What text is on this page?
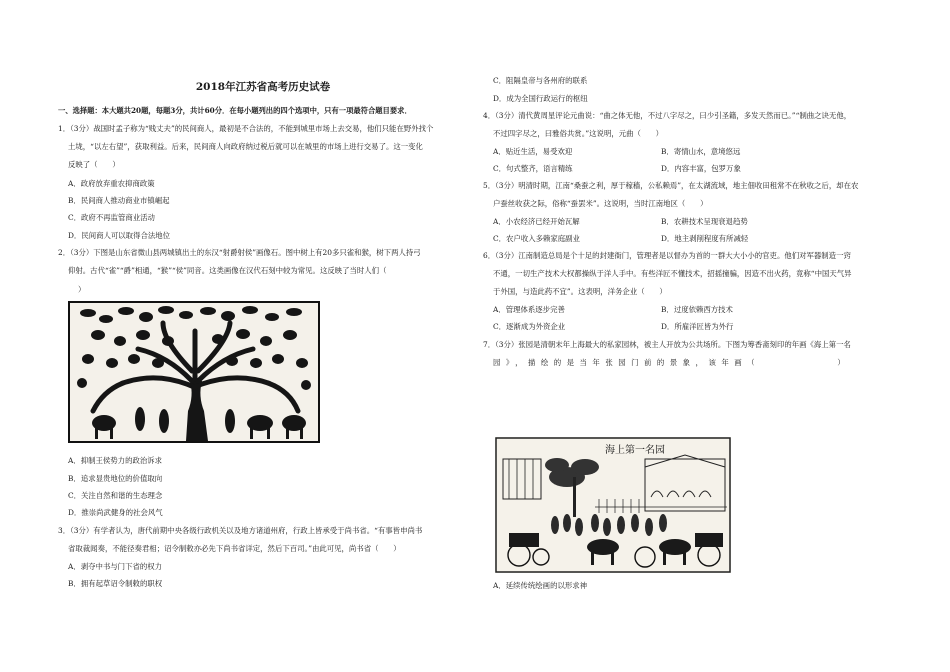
2018年江苏省高考历史试卷
一、选择题：本大题共20题，每题3分，共计60分．在每小题列出的四个选项中，只有一项最符合题目要求．
1．（3分）战国时孟子称为“贱丈夫”的民间商人，最初是不合法的，不能到城里市场上去交易，他们只能在野外找个
土垅，“以左右望”，获取利益。后来，民间商人向政府纳过税后就可以在城里的市场上进行交易了。这一变化
反映了（　　）
A．政府放弃重农抑商政策
B．民间商人推动商业市镇崛起
C．政府不再监管商业活动
D．民间商人可以取得合法地位
2．（3分）下图是山东省微山县两城镇出土的东汉“射爵射侯”画像石。图中树上有20多只雀和猴，树下两人持弓
仰射。古代“雀”“爵”相通，“猴”“侯”同音。这类画像在汉代石刻中较为常见。这反映了当时人们（
）
A．抑制王侯势力的政治诉求
B．追求显贵地位的价值取向
C．关注自然和谐的生态理念
D．推崇尚武健身的社会风气
3．（3分）有学者认为，唐代前期中央各级行政机关以及地方诸道州府，行政上皆承受于尚书省。“有事皆申尚书
省取裁闻奏，不能径奏君相；诏令制敕亦必先下尚书省详定，然后下百司。”由此可见，尚书省（　　）
A．剥夺中书与门下省的权力
B．拥有起草诏令制敕的职权
C．阻隔皇帝与各州府的联系
D．成为全国行政运行的枢纽
4．（3分）清代黄周星评论元曲说：“曲之体无他，不过八字尽之，曰少引圣籍，多发天然而已。”“制曲之诀无他，
不过四字尽之，曰雅俗共赏。”这说明，元曲（　　）
A．贴近生活，易受欢迎	B．寄情山水，意境悠远
C．句式整齐，语言精练	D．内容丰富，包罗万象
5．（3分）明清时期，江南“桑蚕之利，厚于稼穑，公私赖焉”，在太湖流域，地主佃收田租常不在秋收之后，却在农
户蚕丝收获之际，俗称“蚕罢米”。这说明，当时江南地区（　　）
A．小农经济已经开始瓦解	B．农耕技术呈现衰退趋势
C．农户收入多赖家庭副业	D．地主剥削程度有所减轻
6．（3分）江南制造总局是个十足的封建衙门，管理者是以督办为首的一群大大小小的官吏。他们对军器制造一窍
不通，一切生产技术大权都操纵于洋人手中。有些洋匠不懂技术，招摇撞骗，因造不出火药，竟称“中国天气异
于外国，与造此药不宜”。这表明，洋务企业（　　）
A．管理体系逐步完善	B．过度依赖西方技术
C．逐渐成为外资企业	D．所雇洋匠皆为外行
7．（3分）张园是清朝末年上海最大的私家园林，被主人开放为公共场所。下图为筹香斋刻印的年画《海上第一名
园》，描绘的是当年张园门前的景象，该年画（　　　　　　）
海上第一名园
A．延续传统绘画的以形求神
